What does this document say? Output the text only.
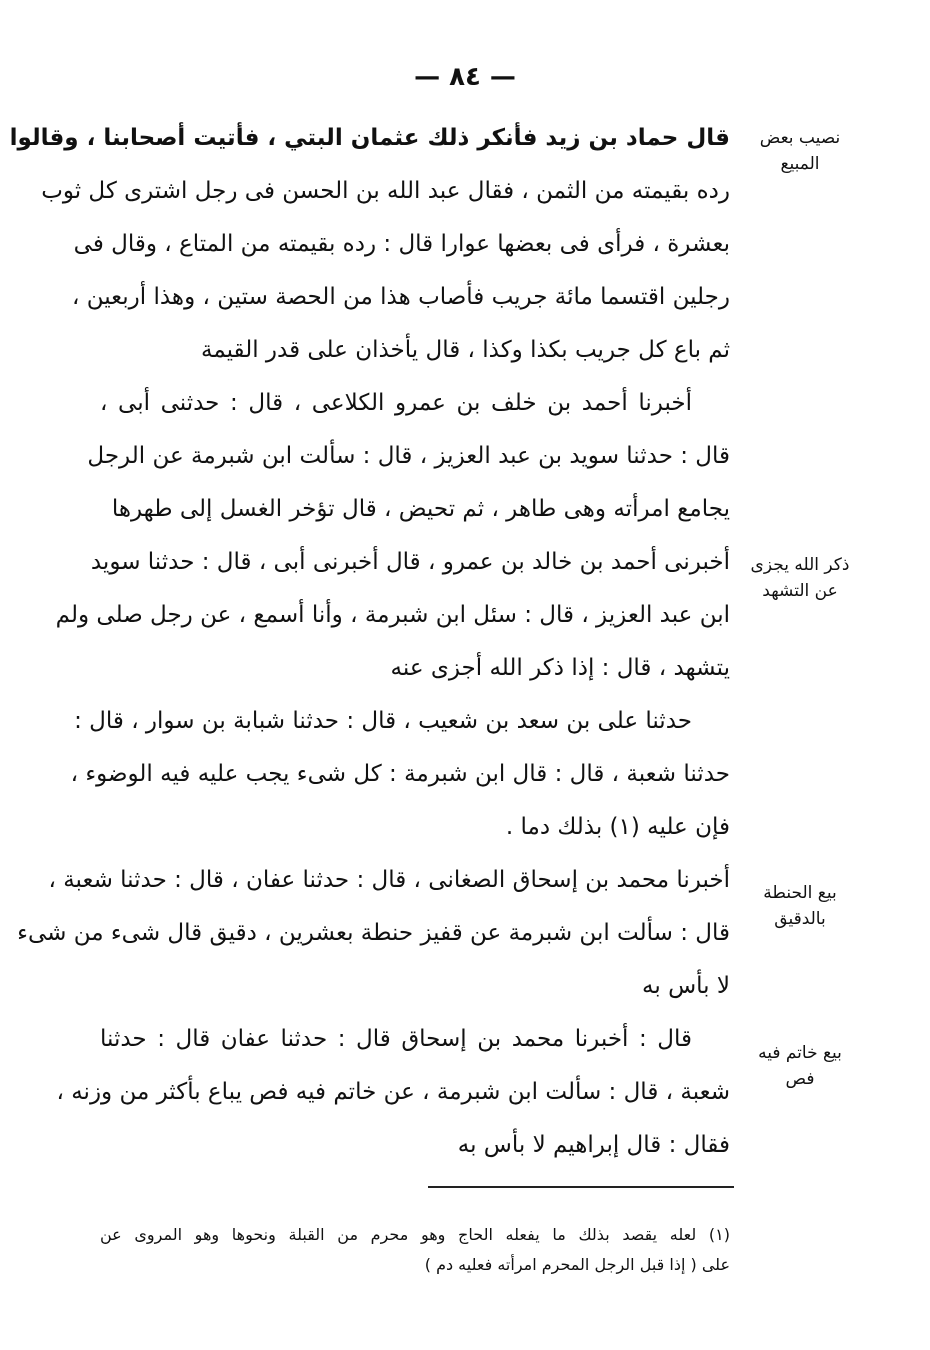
— ٨٤ —
نصيب بعض المبيع
ذكر الله يجزى عن التشهد
بيع الحنطة بالدقيق
بيع خاتم فيه فص
قال حماد بن زيد فأنكر ذلك عثمان البتي ، فأتيت أصحابنا ، وقالوا
رده بقيمته من الثمن ، فقال عبد الله بن الحسن فى رجل اشترى كل ثوب
بعشرة ، فرأى فى بعضها عوارا قال : رده بقيمته من المتاع ، وقال فى
رجلين اقتسما مائة جريب فأصاب هذا من الحصة ستين ، وهذا أربعين ،
ثم باع كل جريب بكذا وكذا ، قال يأخذان على قدر القيمة
أخبرنا أحمد بن خلف بن عمرو الكلاعى ، قال : حدثنى أبى ،
قال : حدثنا سويد بن عبد العزيز ، قال : سألت ابن شبرمة عن الرجل
يجامع امرأته وهى طاهر ، ثم تحيض ، قال تؤخر الغسل إلى طهرها
أخبرنى أحمد بن خالد بن عمرو ، قال أخبرنى أبى ، قال : حدثنا سويد
ابن عبد العزيز ، قال : سئل ابن شبرمة ، وأنا أسمع ، عن رجل صلى ولم
يتشهد ، قال : إذا ذكر الله أجزى عنه
حدثنا على بن سعد بن شعيب ، قال : حدثنا شبابة بن سوار ، قال :
حدثنا شعبة ، قال : قال ابن شبرمة : كل شىء يجب عليه فيه الوضوء ،
فإن عليه (١) بذلك دما .
أخبرنا محمد بن إسحاق الصغانى ، قال : حدثنا عفان ، قال : حدثنا شعبة ،
قال : سألت ابن شبرمة عن قفيز حنطة بعشرين ، دقيق قال شىء من شىء
لا بأس به
قال : أخبرنا محمد بن إسحاق قال : حدثنا عفان قال : حدثنا
شعبة ، قال : سألت ابن شبرمة ، عن خاتم فيه فص يباع بأكثر من وزنه ،
فقال : قال إبراهيم لا بأس به
(١) لعله يقصد بذلك ما يفعله الحاج وهو محرم من القبلة ونحوها وهو المروى عن
على ( إذا قبل الرجل المحرم امرأته فعليه دم )
